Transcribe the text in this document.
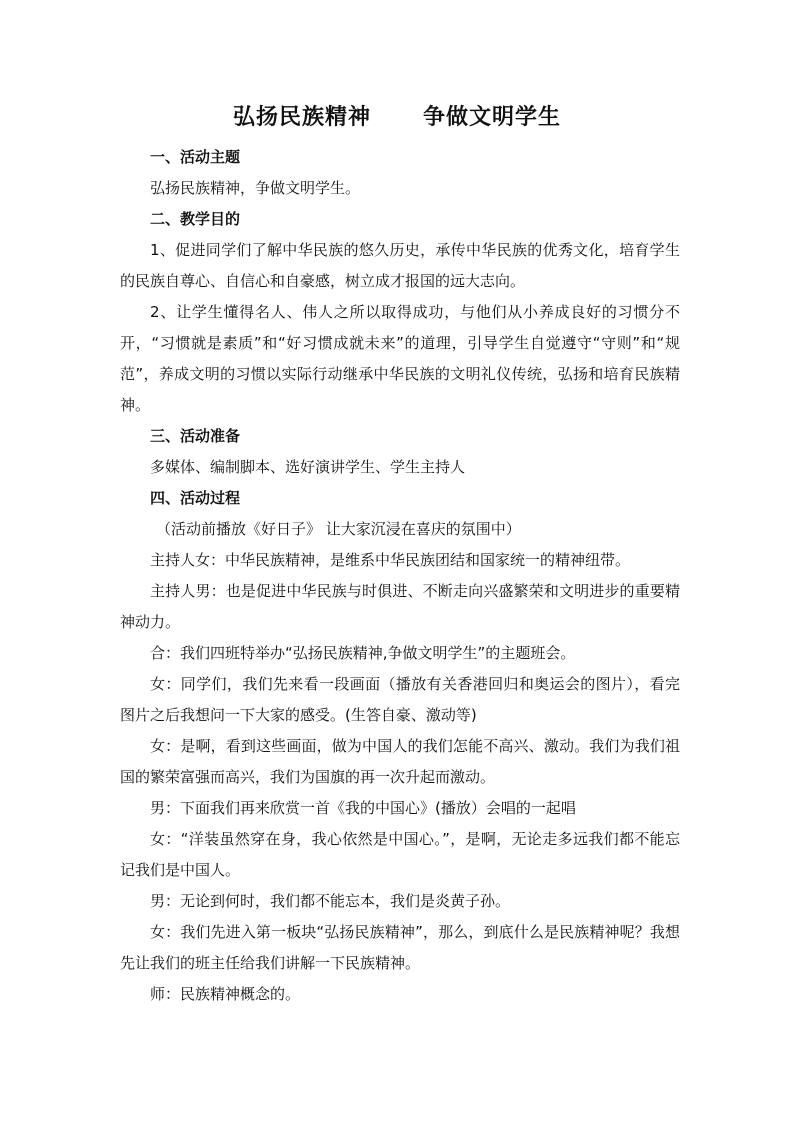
弘扬民族精神 争做文明学生

一、活动主题

弘扬民族精神，争做文明学生。

二、教学目的

1、促进同学们了解中华民族的悠久历史，承传中华民族的优秀文化，培育学生的民族自尊心、自信心和自豪感，树立成才报国的远大志向。

2、让学生懂得名人、伟人之所以取得成功，与他们从小养成良好的习惯分不开，“习惯就是素质”和“好习惯成就未来”的道理，引导学生自觉遵守“守则”和“规范”，养成文明的习惯以实际行动继承中华民族的文明礼仪传统，弘扬和培育民族精神。

三、活动准备

多媒体、编制脚本、选好演讲学生、学生主持人

四、活动过程

（活动前播放《好日子》 让大家沉浸在喜庆的氛围中）

主持人女：中华民族精神，是维系中华民族团结和国家统一的精神纽带。

主持人男：也是促进中华民族与时俱进、不断走向兴盛繁荣和文明进步的重要精神动力。

合：我们四班特举办“弘扬民族精神,争做文明学生”的主题班会。

女：同学们，我们先来看一段画面（播放有关香港回归和奥运会的图片），看完图片之后我想问一下大家的感受。(生答自豪、激动等)

女：是啊，看到这些画面，做为中国人的我们怎能不高兴、激动。我们为我们祖国的繁荣富强而高兴，我们为国旗的再一次升起而激动。

男：下面我们再来欣赏一首《我的中国心》(播放）会唱的一起唱

女：“洋装虽然穿在身，我心依然是中国心。”，是啊，无论走多远我们都不能忘记我们是中国人。

男：无论到何时，我们都不能忘本，我们是炎黄子孙。

女：我们先进入第一板块“弘扬民族精神”，那么，到底什么是民族精神呢？我想先让我们的班主任给我们讲解一下民族精神。

师：民族精神概念的。
